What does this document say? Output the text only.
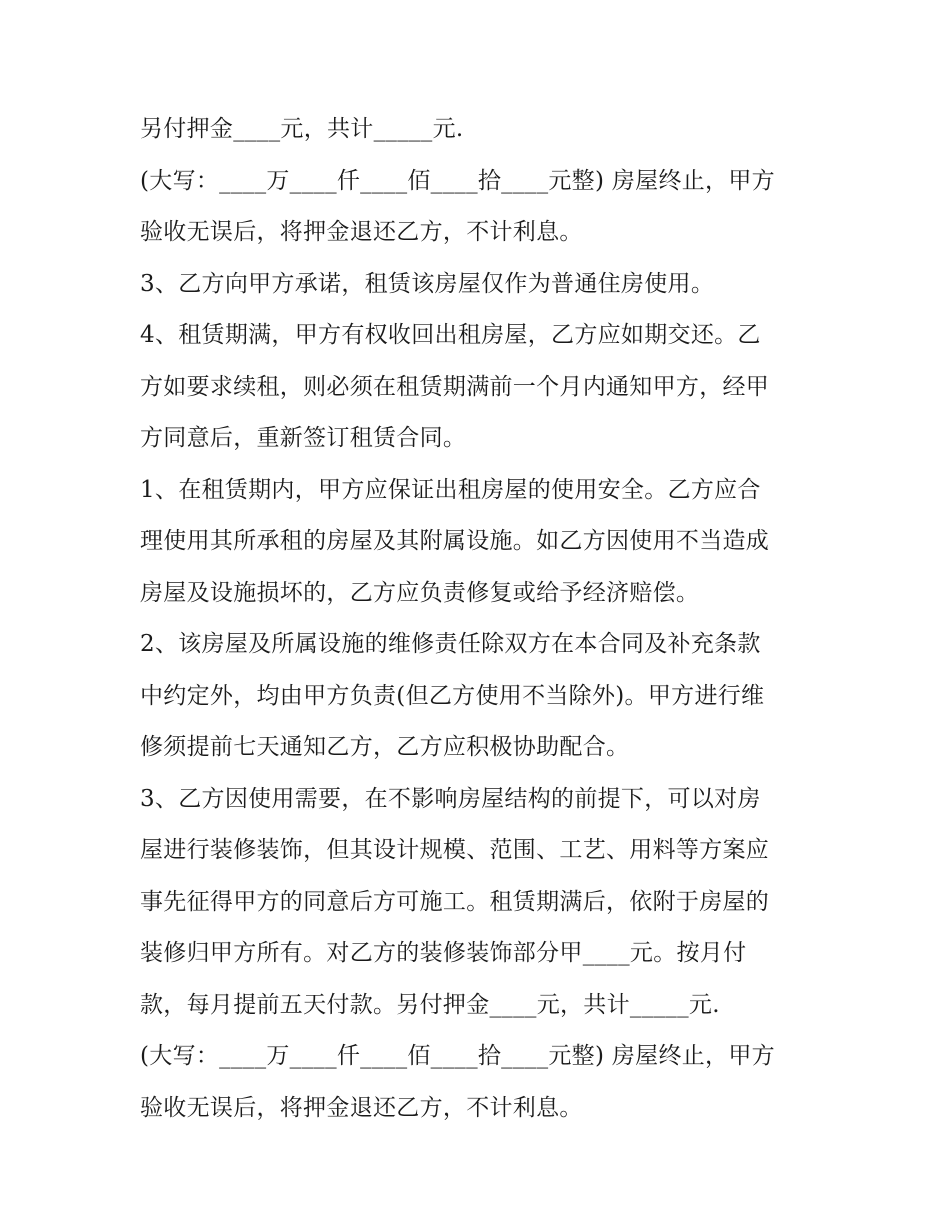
另付押金____元，共计_____元.
(大写：____万____仟____佰____拾____元整) 房屋终止，甲方
验收无误后，将押金退还乙方，不计利息。
3、乙方向甲方承诺，租赁该房屋仅作为普通住房使用。
4、租赁期满，甲方有权收回出租房屋，乙方应如期交还。乙
方如要求续租，则必须在租赁期满前一个月内通知甲方，经甲
方同意后，重新签订租赁合同。
1、在租赁期内，甲方应保证出租房屋的使用安全。乙方应合
理使用其所承租的房屋及其附属设施。如乙方因使用不当造成
房屋及设施损坏的，乙方应负责修复或给予经济赔偿。
2、该房屋及所属设施的维修责任除双方在本合同及补充条款
中约定外，均由甲方负责(但乙方使用不当除外)。甲方进行维
修须提前七天通知乙方，乙方应积极协助配合。
3、乙方因使用需要，在不影响房屋结构的前提下，可以对房
屋进行装修装饰，但其设计规模、范围、工艺、用料等方案应
事先征得甲方的同意后方可施工。租赁期满后，依附于房屋的
装修归甲方所有。对乙方的装修装饰部分甲____元。按月付
款，每月提前五天付款。另付押金____元，共计_____元.
(大写：____万____仟____佰____拾____元整) 房屋终止，甲方
验收无误后，将押金退还乙方，不计利息。
